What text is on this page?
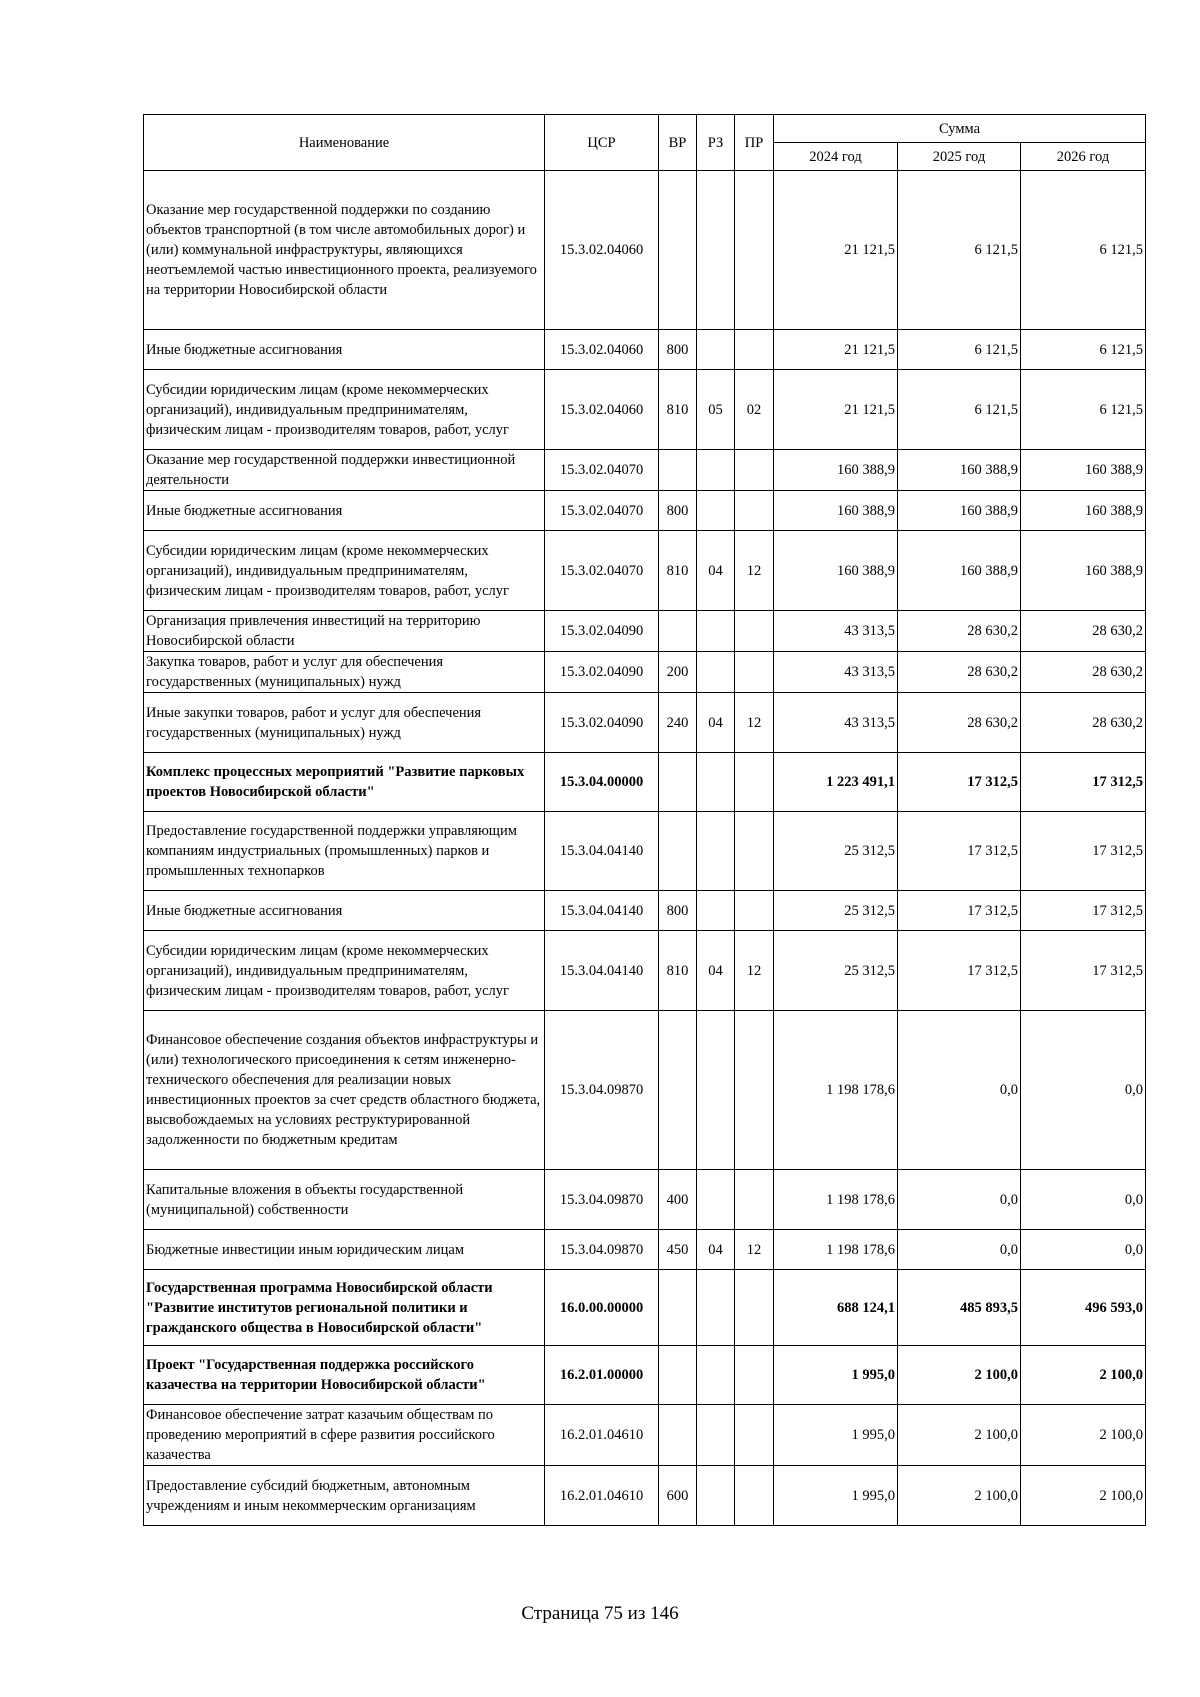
Наименование	ЦСР	ВР	РЗ	ПР	Сумма		
					2024 год	2025 год	2026 год
Оказание мер государственной поддержки по созданию объектов транспортной (в том числе автомобильных дорог) и (или) коммунальной инфраструктуры, являющихся неотъемлемой частью инвестиционного проекта, реализуемого на территории Новосибирской области	15.3.02.04060				21 121,5	6 121,5	6 121,5
Иные бюджетные ассигнования	15.3.02.04060	800			21 121,5	6 121,5	6 121,5
Субсидии юридическим лицам (кроме некоммерческих организаций), индивидуальным предпринимателям, физическим лицам - производителям товаров, работ, услуг	15.3.02.04060	810	05	02	21 121,5	6 121,5	6 121,5
Оказание мер государственной поддержки инвестиционной деятельности	15.3.02.04070				160 388,9	160 388,9	160 388,9
Иные бюджетные ассигнования	15.3.02.04070	800			160 388,9	160 388,9	160 388,9
Субсидии юридическим лицам (кроме некоммерческих организаций), индивидуальным предпринимателям, физическим лицам - производителям товаров, работ, услуг	15.3.02.04070	810	04	12	160 388,9	160 388,9	160 388,9
Организация привлечения инвестиций на территорию Новосибирской области	15.3.02.04090				43 313,5	28 630,2	28 630,2
Закупка товаров, работ и услуг для обеспечения государственных (муниципальных) нужд	15.3.02.04090	200			43 313,5	28 630,2	28 630,2
Иные закупки товаров, работ и услуг для обеспечения государственных (муниципальных) нужд	15.3.02.04090	240	04	12	43 313,5	28 630,2	28 630,2
Комплекс процессных мероприятий "Развитие парковых проектов Новосибирской области"	15.3.04.00000				1 223 491,1	17 312,5	17 312,5
Предоставление государственной поддержки управляющим компаниям индустриальных (промышленных) парков и промышленных технопарков	15.3.04.04140				25 312,5	17 312,5	17 312,5
Иные бюджетные ассигнования	15.3.04.04140	800			25 312,5	17 312,5	17 312,5
Субсидии юридическим лицам (кроме некоммерческих организаций), индивидуальным предпринимателям, физическим лицам - производителям товаров, работ, услуг	15.3.04.04140	810	04	12	25 312,5	17 312,5	17 312,5
Финансовое обеспечение создания объектов инфраструктуры и (или) технологического присоединения к сетям инженерно-технического обеспечения для реализации новых инвестиционных проектов за счет средств областного бюджета, высвобождаемых на условиях реструктурированной задолженности по бюджетным кредитам	15.3.04.09870				1 198 178,6	0,0	0,0
Капитальные вложения в объекты государственной (муниципальной) собственности	15.3.04.09870	400			1 198 178,6	0,0	0,0
Бюджетные инвестиции иным юридическим лицам	15.3.04.09870	450	04	12	1 198 178,6	0,0	0,0
Государственная программа Новосибирской области "Развитие институтов региональной политики и гражданского общества в Новосибирской области"	16.0.00.00000				688 124,1	485 893,5	496 593,0
Проект "Государственная поддержка российского казачества на территории Новосибирской области"	16.2.01.00000				1 995,0	2 100,0	2 100,0
Финансовое обеспечение затрат казачьим обществам по проведению мероприятий в сфере развития российского казачества	16.2.01.04610				1 995,0	2 100,0	2 100,0
Предоставление субсидий бюджетным, автономным учреждениям и иным некоммерческим организациям	16.2.01.04610	600			1 995,0	2 100,0	2 100,0
Страница 75 из 146
